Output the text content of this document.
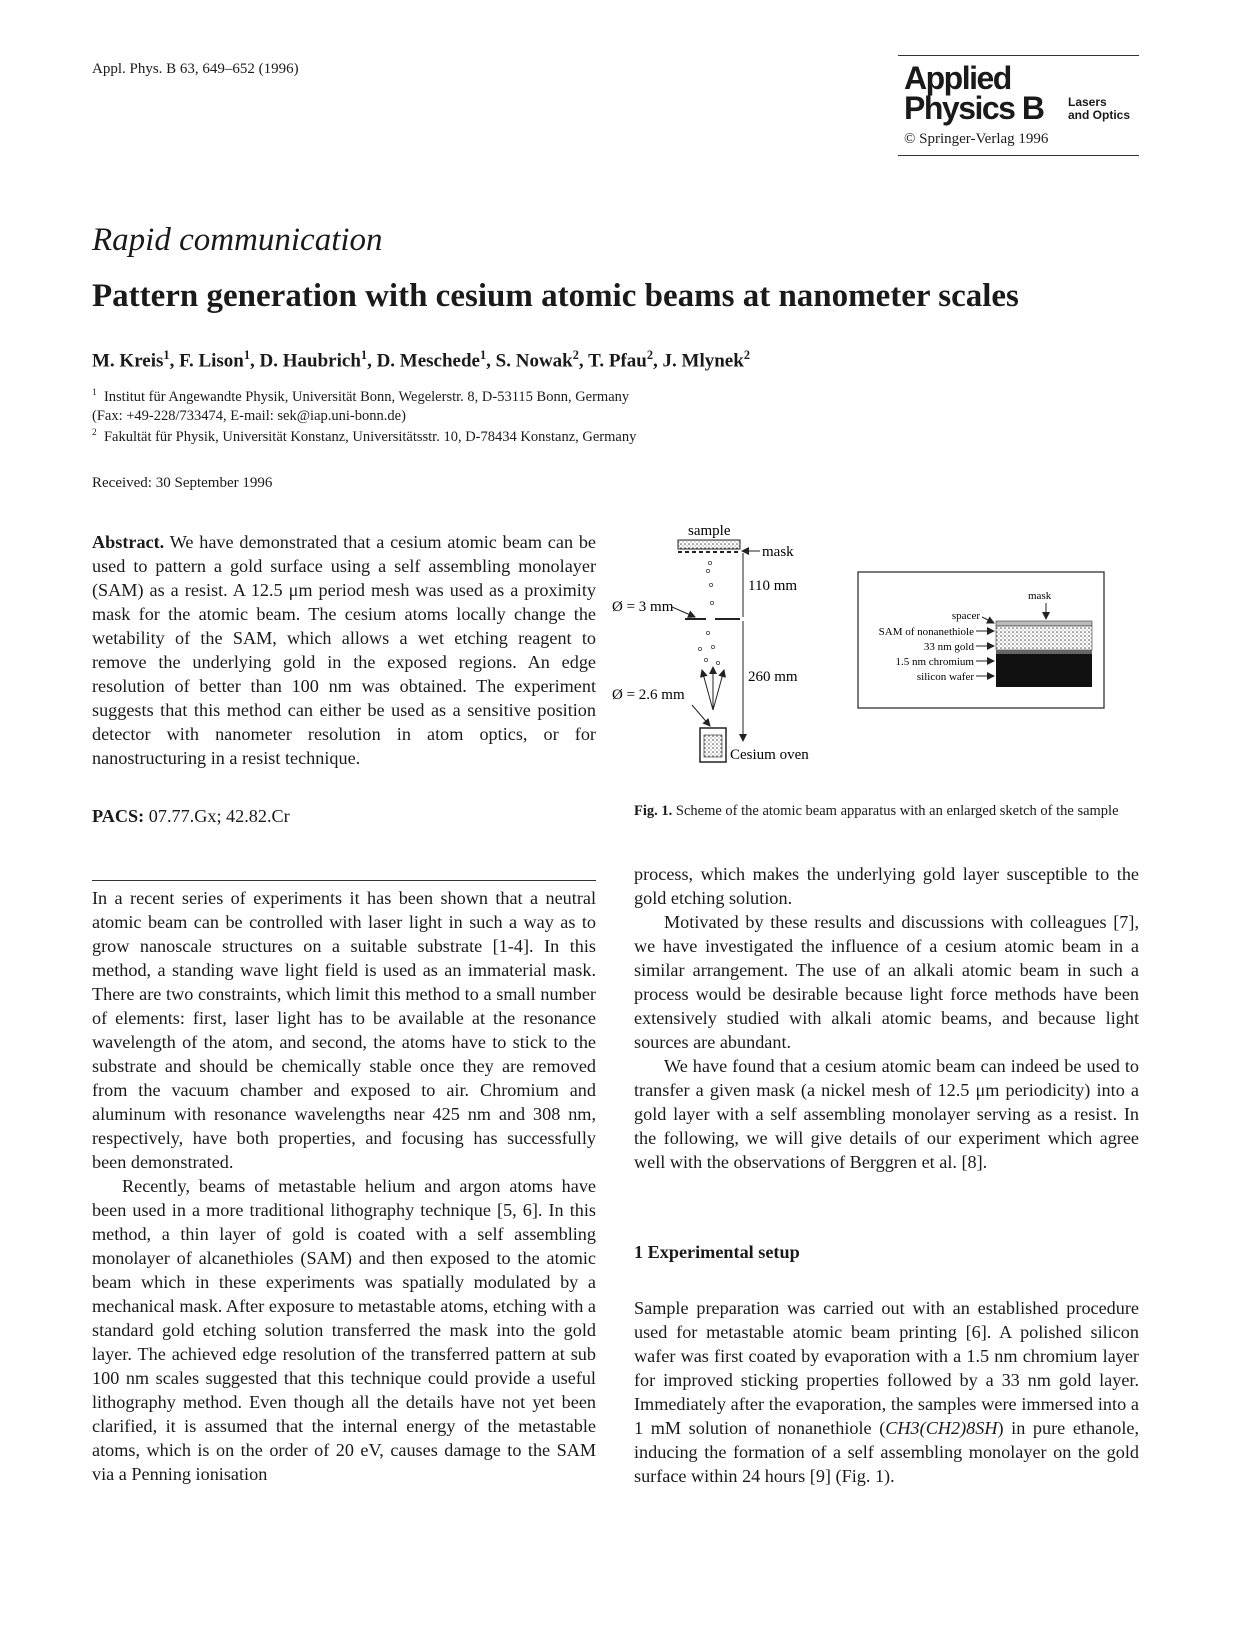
Appl. Phys. B 63, 649–652 (1996)	Applied
Physics B Lasers
and Optics
© Springer-Verlag 1996
Rapid communication
Pattern generation with cesium atomic beams at nanometer scales
M. Kreis$^1$, F. Lison$^1$, D. Haubrich$^1$, D. Meschede$^1$, S. Nowak$^2$, T. Pfau$^2$, J. Mlynek$^2$
$^1$ Institut für Angewandte Physik, Universität Bonn, Wegelerstr. 8, D-53115 Bonn, Germany
(Fax: +49-228/733474, E-mail: sek@iap.uni-bonn.de)
$^2$ Fakultät für Physik, Universität Konstanz, Universitätsstr. 10, D-78434 Konstanz, Germany
Received: 30 September 1996

Abstract. We have demonstrated that a cesium atomic beam can be used to pattern a gold surface using a self assembling monolayer (SAM) as a resist. A 12.5 μm period mesh was used as a proximity mask for the atomic beam. The cesium atoms locally change the wetability of the SAM, which allows a wet etching reagent to remove the underlying gold in the exposed regions. An edge resolution of better than 100 nm was obtained. The experiment suggests that this method can either be used as a sensitive position detector with nanometer resolution in atom optics, or for nanostructuring in a resist technique.

PACS: 07.77.Gx; 42.82.Cr
sample
mask
110 mm
Ø = 3 mm
260 mm
Ø = 2.6 mm
Cesium oven
mask
spacer
SAM of nonanethiole
33 nm gold
1.5 nm chromium
silicon wafer
Fig. 1. Scheme of the atomic beam apparatus with an enlarged sketch of the sample

In a recent series of experiments it has been shown that a neutral atomic beam can be controlled with laser light in such a way as to grow nanoscale structures on a suitable substrate [1-4]. In this method, a standing wave light field is used as an immaterial mask. There are two constraints, which limit this method to a small number of elements: first, laser light has to be available at the resonance wavelength of the atom, and second, the atoms have to stick to the substrate and should be chemically stable once they are removed from the vacuum chamber and exposed to air. Chromium and aluminum with resonance wavelengths near 425 nm and 308 nm, respectively, have both properties, and focusing has successfully been demonstrated.

Recently, beams of metastable helium and argon atoms have been used in a more traditional lithography technique [5, 6]. In this method, a thin layer of gold is coated with a self assembling monolayer of alcanethioles (SAM) and then exposed to the atomic beam which in these experiments was spatially modulated by a mechanical mask. After exposure to metastable atoms, etching with a standard gold etching solution transferred the mask into the gold layer. The achieved edge resolution of the transferred pattern at sub 100 nm scales suggested that this technique could provide a useful lithography method. Even though all the details have not yet been clarified, it is assumed that the internal energy of the metastable atoms, which is on the order of 20 eV, causes damage to the SAM via a Penning ionisation

process, which makes the underlying gold layer susceptible to the gold etching solution.

Motivated by these results and discussions with colleagues [7], we have investigated the influence of a cesium atomic beam in a similar arrangement. The use of an alkali atomic beam in such a process would be desirable because light force methods have been extensively studied with alkali atomic beams, and because light sources are abundant.

We have found that a cesium atomic beam can indeed be used to transfer a given mask (a nickel mesh of 12.5 μm periodicity) into a gold layer with a self assembling monolayer serving as a resist. In the following, we will give details of our experiment which agree well with the observations of Berggren et al. [8].

1 Experimental setup

Sample preparation was carried out with an established procedure used for metastable atomic beam printing [6]. A polished silicon wafer was first coated by evaporation with a 1.5 nm chromium layer for improved sticking properties followed by a 33 nm gold layer. Immediately after the evaporation, the samples were immersed into a 1 mM solution of nonanethiole (CH3(CH2)8SH) in pure ethanole, inducing the formation of a self assembling monolayer on the gold surface within 24 hours [9] (Fig. 1).
